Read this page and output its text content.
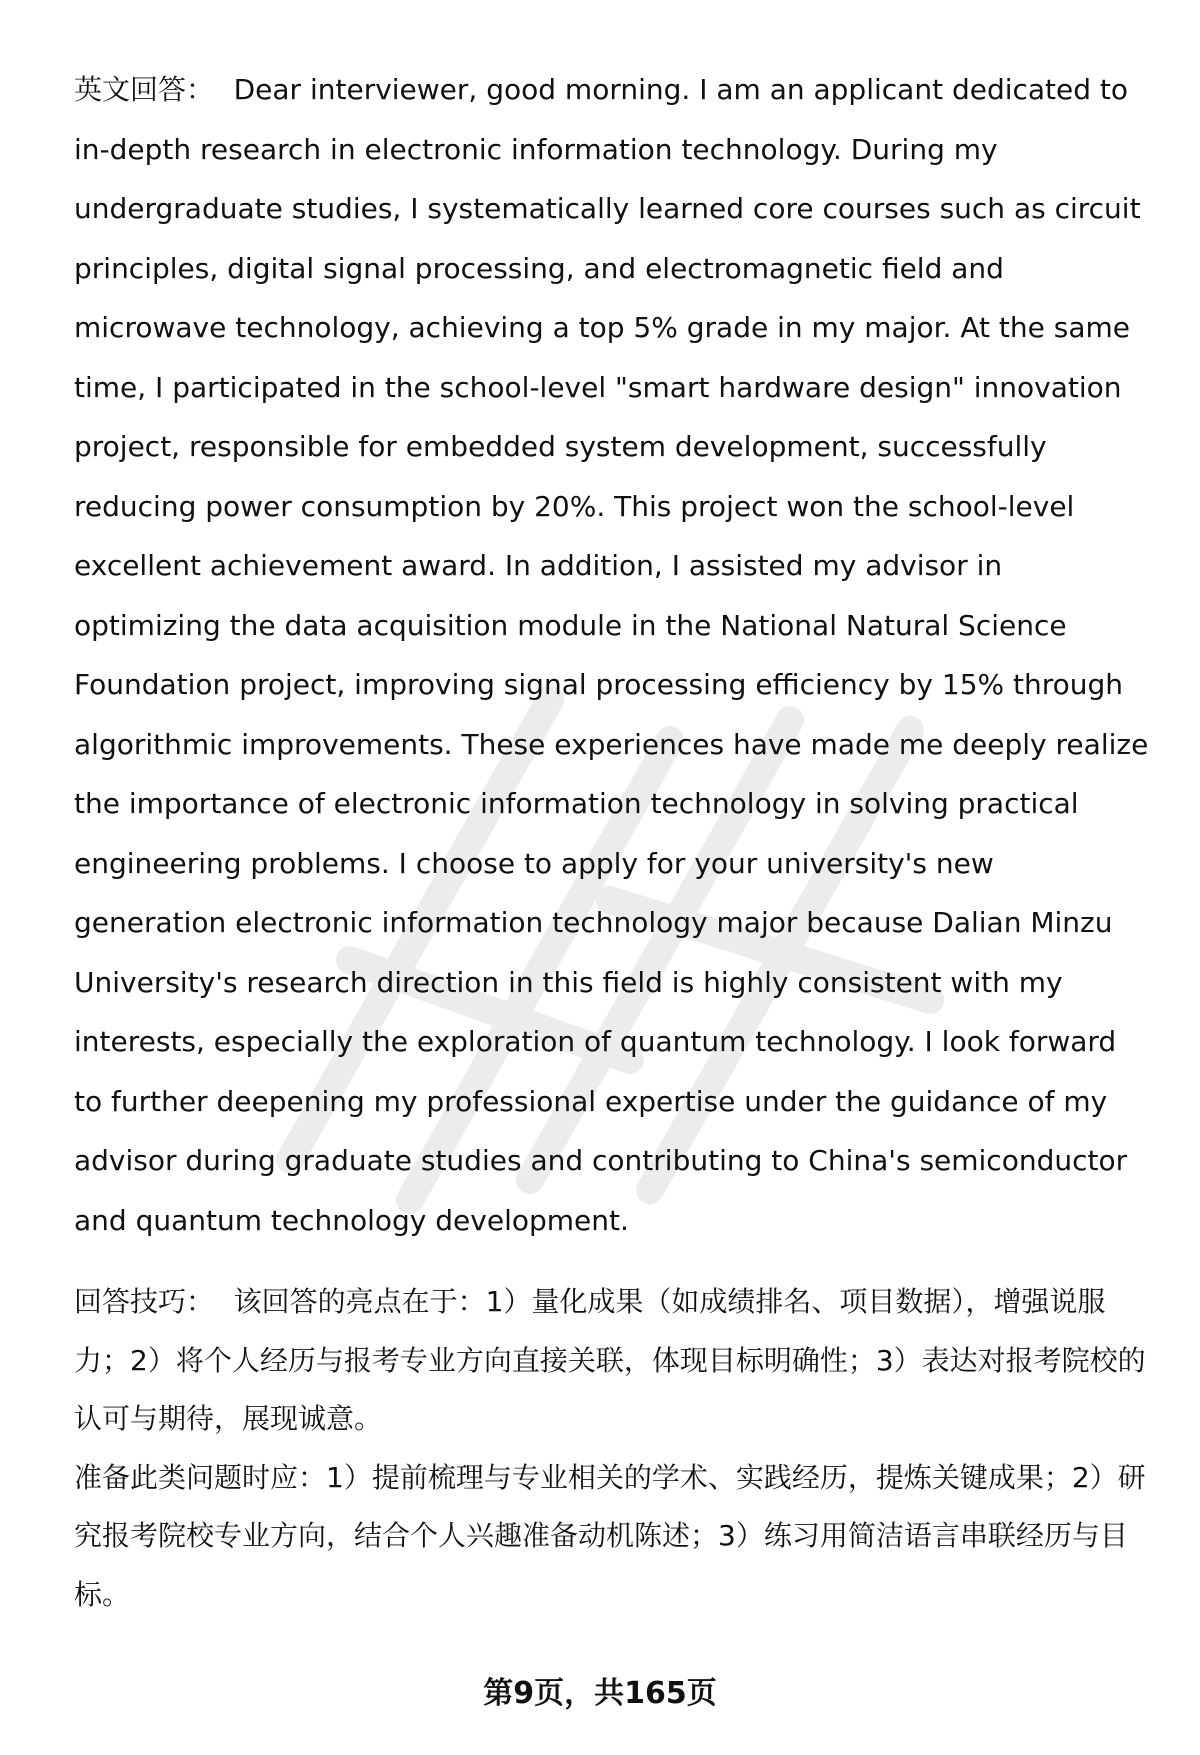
英文回答： Dear interviewer, good morning. I am an applicant dedicated to in-depth research in electronic information technology. During my undergraduate studies, I systematically learned core courses such as circuit principles, digital signal processing, and electromagnetic field and microwave technology, achieving a top 5% grade in my major. At the same time, I participated in the school-level "smart hardware design" innovation project, responsible for embedded system development, successfully reducing power consumption by 20%. This project won the school-level excellent achievement award. In addition, I assisted my advisor in optimizing the data acquisition module in the National Natural Science Foundation project, improving signal processing efficiency by 15% through algorithmic improvements. These experiences have made me deeply realize the importance of electronic information technology in solving practical engineering problems. I choose to apply for your university's new generation electronic information technology major because Dalian Minzu University's research direction in this field is highly consistent with my interests, especially the exploration of quantum technology. I look forward to further deepening my professional expertise under the guidance of my advisor during graduate studies and contributing to China's semiconductor and quantum technology development.

回答技巧： 该回答的亮点在于：1）量化成果（如成绩排名、项目数据），增强说服力；2）将个人经历与报考专业方向直接关联，体现目标明确性；3）表达对报考院校的认可与期待，展现诚意。

准备此类问题时应：1）提前梳理与专业相关的学术、实践经历，提炼关键成果；2）研究报考院校专业方向，结合个人兴趣准备动机陈述；3）练习用简洁语言串联经历与目标。

第9页，共165页
